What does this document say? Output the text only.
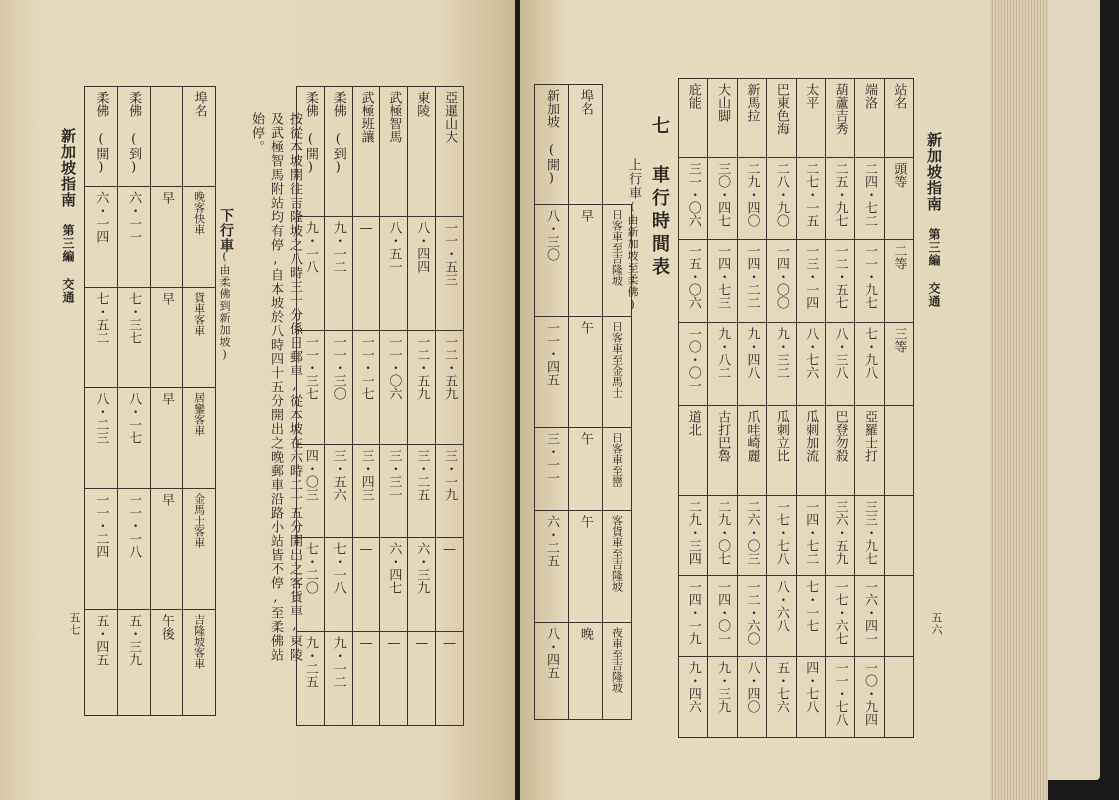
新加坡指南　第三編 交通
五七
柔佛 (開)	柔佛 (到)		埠名

六・一四	六・一一	早	晚客快車

七・五二	七・三七	早	貨車客車

八・二三	八・一七	早	居鑾客車

一一・二四	一一・一八	早	金馬士客車

五・四五	五・三九	午後	吉隆坡客車
下行車
(由柔佛到新加坡)	按從本坡開往吉隆坡之八時三十分係日郵車,從本坡在六時二十五分開出之客貨車,東陵及武極智馬附站均有停,自本坡於八時四十五分開出之晚郵車沿路小站皆不停,至柔佛站始停。	柔佛 (開)	柔佛 (到)	武極班讓	武極智馬	東陵	亞暹山大

九・一八	九・一二	—	八・五一	八・四四	一一・五三

一一・三七	一一・三〇	一一・一七	一一・〇六	一二・五九	一二・五九

四・〇三	三・五六	三・四三	三・三一	三・二五	三・一九

七・二〇	七・一八	—	六・四七	六・三九	—

九・二五	九・一二	—	—	—	—
新加坡 (開)	埠名	

八・三〇	早	日客車至吉隆坡

一一・四五	午	日客車至金馬士

三・一一	午	日客車至巒

六・二五	午	客貨車至吉隆坡

八・四五	晚	夜車至吉隆坡
七 車行時間表
上行車
(由新加坡至柔佛)
庇能	大山脚	新馬拉	巴東色海	太平	葫蘆吉秀	端洛	站名

三一・〇六	三〇・四七	二九・四〇	二八・九〇	二七・一五	二五・九七	二四・七二	頭等

一五・〇六	一四・七三	一四・二二	一四・〇〇	一三・一四	一二・五七	一一・九七	二等

一〇・〇一	九・八二	九・四八	九・三二	八・七六	八・三八	七・九八	三等

道北	古打巴魯	爪哇崎麗	瓜刺立比	瓜刺加流	巴登勿殺	亞羅士打	

二九・三四	二九・〇七	二六・〇三	一七・七八	一四・七二	三六・五九	三三・九七	

一四・一九	一四・〇一	一二・六〇	八・六八	七・一七	一七・六七	一六・四一	

九・四六	九・三九	八・四〇	五・七六	四・七八	一一・七八	一〇・九四	

新加坡指南　第三編 交通
五六
